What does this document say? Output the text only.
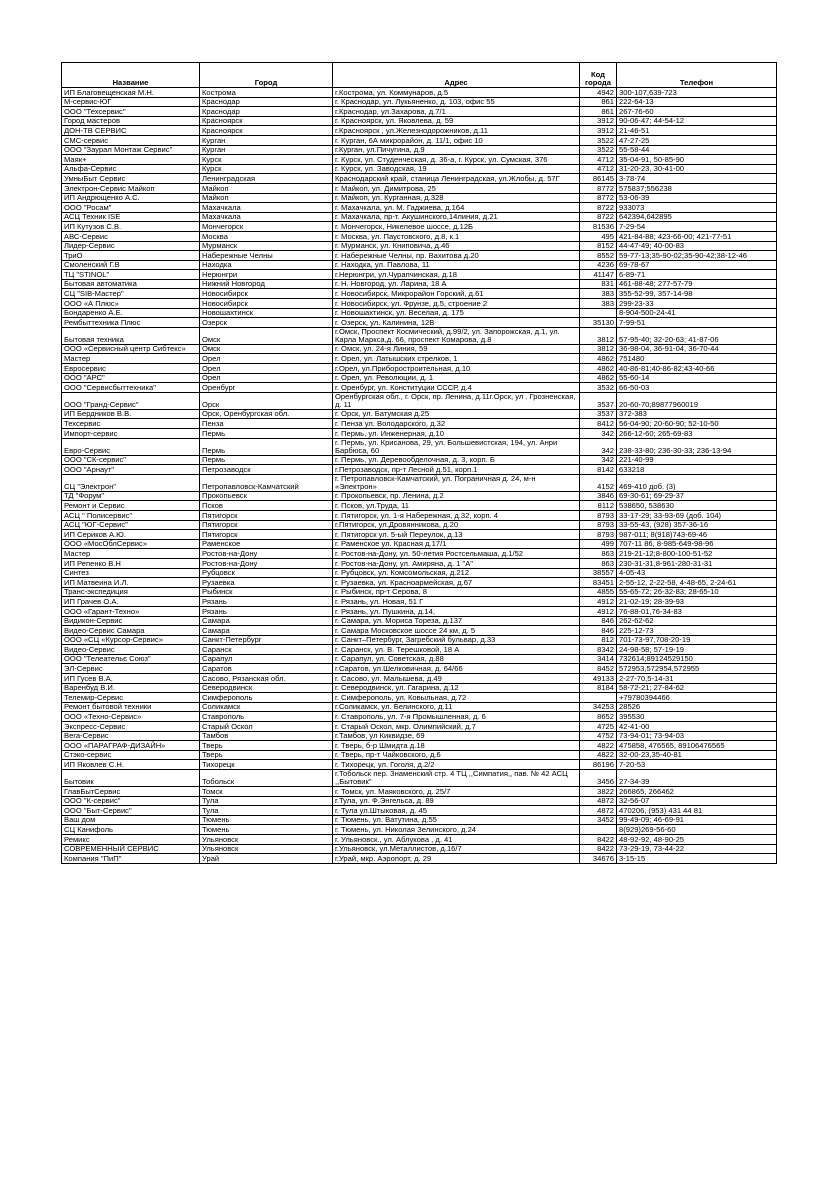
Название	Город	Адрес	Код города	Телефон
ИП Благовещенская М.Н.	Кострома	г.Кострома, ул. Коммунаров, д.5	4942	300-107,639-723
М-сервис-ЮГ	Краснодар	г. Краснодар, ул. Лукьяненко, д. 103, офис 55	861	222-64-13
ООО "Техсервис"	Краснодар	г.Краснодар, ул.Захарова, д.7/1	861	267-76-60
Город мастеров	Красноярск	г. Красноярск, ул. Яковлева, д. 59	3912	90-06-47; 44-54-12
ДОН-ТВ СЕРВИС	Красноярск	г.Красноярск , ул.Железнодорожников, д.11	3912	21-46-51
СМС-сервис	Курган	г. Курган, 6А микрорайон, д. 11/1, офис 10	3522	47-27-25
ООО "Заурал Монтаж Сервис"	Курган	г.Курган, ул.Пичугина, д.9	3522	55-58-44
Маяк+	Курск	г. Курск, ул. Студенческая, д. 36-а, г. Курск, ул. Сумская, 376	4712	35-04-91, 50-85-90
Альфа-Сервис	Курск	г. Курск, ул. Заводская, 19	4712	31-20-23, 30-41-00
УмныБыт Сервис	Ленинградская	Краснодарский край, станица Ленинградская, ул.Жлобы, д. 57Г	86145	3-78-74
Электрон-Сервис Майкоп	Майкоп	г. Майкоп, ул. Димитрова, 25	8772	575837;556238
ИП Андрющенко А.С.	Майкоп	г. Майкоп, ул. Курганная, д.328	8772	53-06-39
ООО "Росам"	Махачкала	г. Махачкала, ул. М. Гаджиева, д.164	8722	933073
АСЦ Техник ISE	Махачкала	г. Махачкала, пр-т. Акушинского,14линия, д.21	8722	642394,642895
ИП Кутузов С.В.	Мончегорск	г. Мончегорск, Никелевое шоссе, д.12Б	81536	7-29-54
АВС-Сервис	Москва	г. Москва, ул. Паустовского, д.8, к.1	495	421-84-88; 423-66-00; 421-77-51
Лидер-Сервис	Мурманск	г. Мурманск, ул. Книповича, д.46	8152	44-47-49; 40-00-83
ТриО	Набережные Челны	г. Набережные Челны, пр. Вахитова д.20	8552	59-77-13;35-90-02;35-90-42;38-12-46
Смоленский Г.В	Находка	г. Находка, ул. Павлова, 11	4236	69-78-67
ТЦ "STINOL"	Нерюнгри	г.Нерюнгри, ул.Чурапчинская, д.18	41147	6-89-71
Бытовая автоматика	Нижний Новгород	г. Н. Новгород, ул. Ларина, 18 А	831	461-88-48; 277-57-79
СЦ "SIB-Мастер"	Новосибирск	г. Новосибирск, Микрорайон Горский, д.61	383	355-52-99, 357-14-98
ООО «А Плюс»	Новосибирск	г. Новосибирск, ул. Фрунзе, д.5, строение 2	383	299-23-33
Бондаренко А.Е.	Новошахтинск	г. Новошахтинск, ул. Веселая, д. 175		8-904-500-24-41
Рембыттехника Плюс	Озерск	г. Озерск, ул. Калинина, 12В	35130	7-99-51
Бытовая техника	Омск	г.Омск, Проспект Космический, д.99/2, ул. Запорожская, д.1, ул. Карла Маркса,д. 66, проспект Комарова, д.8	3812	57-95-40; 32-20-63; 41-87-06
ООО «Сервисный центр Сибтекс»	Омск	г. Омск, ул. 24-я Линия, 59	3812	36-98-04, 36-91-04, 36-70-44
Мастер	Орел	г. Орел, ул. Латышских стрелков, 1	4862	751480
Евросервис	Орел	г.Орел, ул.Приборостроительная, д.10	4862	40-86-81;40-86-82;43-40-66
ООО "АРС"	Орел	г. Орел, ул. Революции, д. 1	4862	55-60-14
ООО "Сервисбыттехника"	Оренбург	г. Оренбург, ул. Конституции СССР, д.4	3532	66-50-03
ООО "Гранд-Сервис"	Орск	Оренбургская обл., г. Орск, пр. Ленина, д.11г.Орск, ул . Грозненская, д. 11	3537	20-60-70;89877960019
ИП Бердников В.В.	Орск, Оренбургская обл.	г. Орск, ул. Батумская д.25	3537	372-383
Техсервис	Пенза	г. Пенза ул. Володарского, д.32	8412	56-04-90; 20-60-90; 52-10-50
Импорт-сервис	Пермь	г. Пермь, ул. Инженерная, д.10	342	266-12-60; 265-69-83
Евро-Сервис	Пермь	г. Пермь, ул. Крисанова, 29, ул. Большевистская, 194, ул. Анри Барбюса, 60	342	238-33-80; 236-30-33; 236-13-94
ООО "СК-сервис"	Пермь	г. Пермь, ул. Деревообделочная, д. 3, корп. Б	342	221-40-99
ООО "Арнаут"	Петрозаводск	г.Петрозаводск, пр-т Лесной д.51, корп.1	8142	633218
СЦ "Электрон"	Петропавловск-Камчатский	г. Петропавловск-Камчатский, ул. Пограничная д. 24, м-н «Электрон»	4152	469-410 доб. (3)
ТД "Форум"	Прокопьевск	г. Прокопьевск, пр. Ленина, д.2	3846	69-30-61; 69-29-37
Ремонт и Сервис	Псков	г. Псков, ул.Труда, 11	8112	538650, 538630
АСЦ " Полисервис"	Пятигорск	г. Пятигорск, ул. 1-я Набережная, д.32, корп. 4	8793	33-17-29; 33-93-69 (доб. 104)
АСЦ "ЮГ-Сервис"	Пятигорск	г.Пятигорск, ул.Дровянникова, д.20	8793	33-55-43, (928) 357-36-16
ИП Сериков А.Ю.	Пятигорск	г. Пятигорск ул. 5-ый Переулок, д.13	8793	987-011; 8(918)743-69-46
ООО «МосОблСервис»	Раменское	г. Раменское ул. Красная д.17/1	499	707-11 86, 8-985-649-98-96
Мастер	Ростов-на-Дону	г. Ростов-на-Дону, ул. 50-летия Ростсельмаша, д.1/52	863	219-21-12;8-800-100-51-52
ИП Репенко В.Н	Ростов-на-Дону	г. Ростов-на-Дону, ул. Амиряна, д. 1 "А"	863	230-31-31,8-961-280-31-31
Синтез	Рубцовск	г. Рубцовск, ул. Комсомольская, д.212	38557	4-05-43
ИП Матвеина И.Л.	Рузаевка	г. Рузаевка, ул. Красноармейская, д.67	83451	2-55-12, 2-22-58, 4-48-65, 2-24-61
Транс-экспедиция	Рыбинск	г. Рыбинск, пр-т Серова, 8	4855	55-65-72; 26-32-83; 28-65-10
ИП Грачев О.А.	Рязань	г. Рязань, ул. Новая, 51 Г	4912	21-02-19; 28-39-93
ООО «Гарант-Техно»	Рязань	г. Рязань, ул. Пушкина, д.14,	4912	76-88-01,76-34-83
Видикон-Сервис	Самара	г. Самара, ул. Мориса Тореза, д.137	846	262-62-62
Видео-Сервис Самара	Самара	г. Самара Московское шоссе 24 км, д. 5	846	225-12-73
ООО «СЦ «Курсор-Сервис»	Санкт-Петербург	г. Санкт–Петербург, Загребский бульвар, д.33	812	701-73-97,708-20-19
Видео-Сервис	Саранск	г. Саранск, ул. В. Терешковой, 18 А	8342	24-98-58; 57-19-19
ООО "Телеательє Союз"	Сарапул	г. Сарапул, ул. Советская, д.88	3414	732614;89124529150
ЭЛ-Сервис	Саратов	г.Саратов, ул.Шелковичная, д. 64/66	8452	572953,572954,572955
ИП Гусев В.А.	Сасово, Рязанская обл.	г. Сасово, ул. Малышева, д.49	49133	2-27-70,5-14-31
Варенбуд В.И.	Северодвинск	г. Северодвинск, ул. Гагарина, д.12	8184	58-72-21; 27-84-62
Телемир-Сервис	Симферополь	г. Симферополь, ул. Ковыльная, д.72		+79780394466
Ремонт бытовой техники	Соликамск	г.Соликамск, ул. Белинского, д.11	34253	28526
ООО «Техно-Сервис»	Ставрополь	г. Ставрополь, ул. 7-я Промышленная, д. 6	8652	395530
Экспресс-Сервис	Старый Оскол	г. Старый Оскол, мкр. Олимпийский, д.7	4725	42-41-00
Вега-Сервис	Тамбов	г.Тамбов, ул Киквидзе, 69	4752	73-94-01; 73-94-03
ООО «ПАРАГРАФ-ДИЗАЙН»	Тверь	г. Тверь, б-р Шмидта д.18	4822	475858, 476565, 89106476565
Стэко-сервис	Тверь	г. Тверь, пр-т Чайковского, д.6	4822	32-00-23,35-40-81
ИП Яковлев С.Н.	Тихорецк	г. Тихорецк, ул. Гоголя, д.2/2	86196	7-20-53
Бытовик	Тобольск	г.Тобольск пер. Знаменский стр. 4 ТЦ ,,Симпатия,, пав. № 42 АСЦ ,,Бытовик"	3456	27-34-39
ГлавБытСервис	Томск	г. Томск, ул. Маяковского, д. 25/7	3822	266865, 266462
ООО "К-сервис"	Тула	г.Тула, ул. Ф.Энгельса, д. 89	4872	32-56-07
ООО "Быт-Сервис"	Тула	г. Тула ул.Штыковая, д. 45	4872	470206, (953) 431 44 81
Ваш дом	Тюмень	г. Тюмень, ул. Ватутина, д.55	3452	99-49-09; 46-69-91
СЦ Канифоль	Тюмень	г. Тюмень, ул. Николая Зелинского, д.24		8(929)269-56-60
Ремикс	Ульяновск	г. Ульяновск., ул. Аблукова , д. 41	8422	48-92-92, 48-90-25
СОВРЕМЕННЫЙ СЕРВИС	Ульяновск	г.Ульяновск, ул.Металлистов, д.16/7	8422	73-29-19, 73-44-22
Компания "ПиП"	Урай	г.Урай, мкр. Аэропорт, д. 29	34676	3-15-15
